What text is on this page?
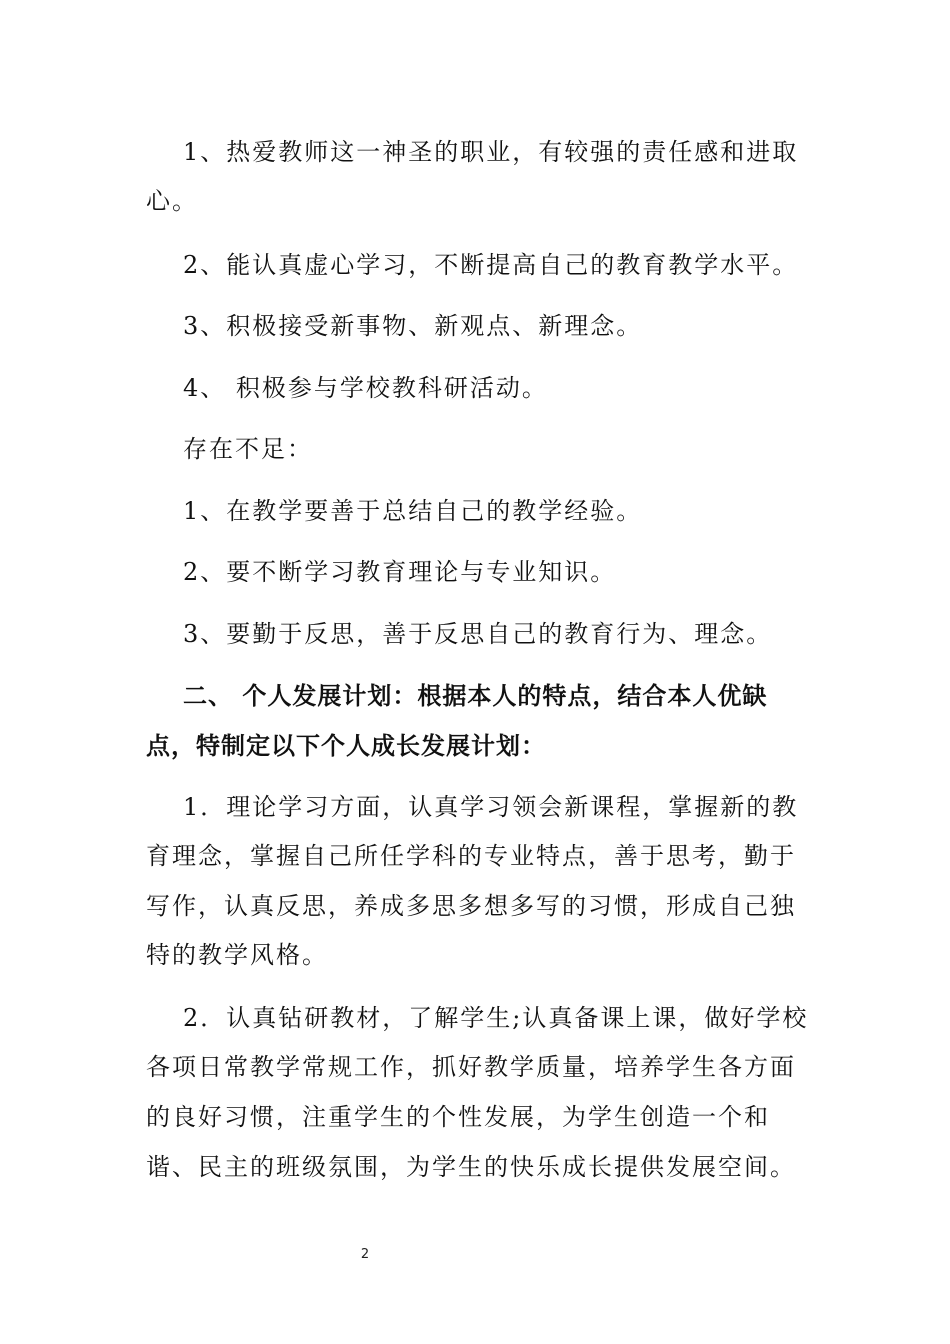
1、热爱教师这一神圣的职业，有较强的责任感和进取
心。
2、能认真虚心学习，不断提高自己的教育教学水平。
3、积极接受新事物、新观点、新理念。
4、 积极参与学校教科研活动。
存在不足：
1、在教学要善于总结自己的教学经验。
2、要不断学习教育理论与专业知识。
3、要勤于反思，善于反思自己的教育行为、理念。
二、 个人发展计划：根据本人的特点，结合本人优缺
点，特制定以下个人成长发展计划：
1．理论学习方面，认真学习领会新课程，掌握新的教
育理念，掌握自己所任学科的专业特点，善于思考，勤于
写作，认真反思，养成多思多想多写的习惯，形成自己独
特的教学风格。
2．认真钻研教材，了解学生;认真备课上课，做好学校
各项日常教学常规工作，抓好教学质量，培养学生各方面
的良好习惯，注重学生的个性发展，为学生创造一个和
谐、民主的班级氛围，为学生的快乐成长提供发展空间。
2
